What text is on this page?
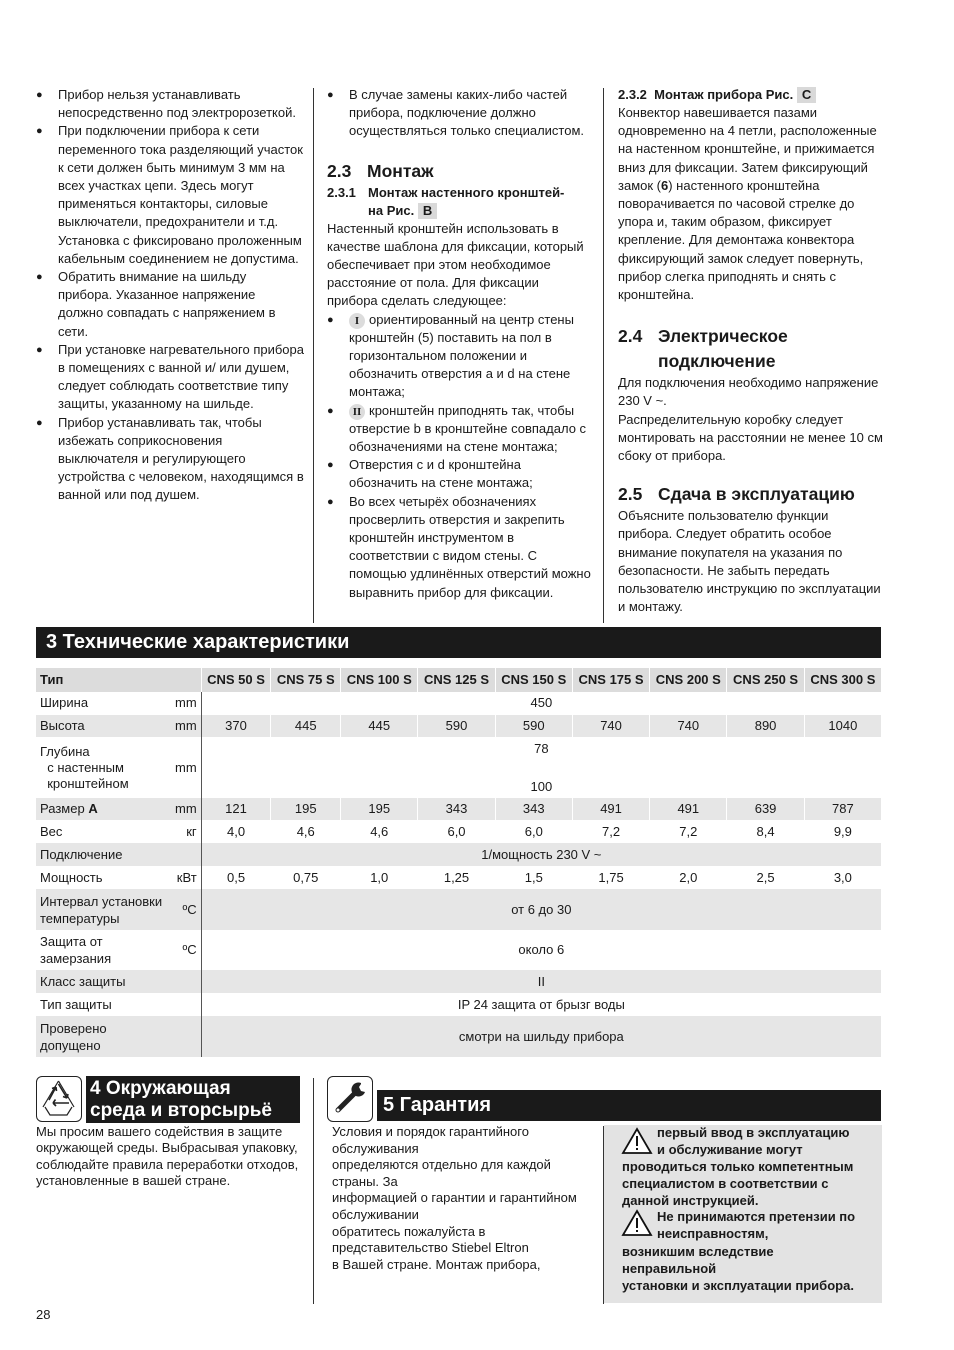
● Прибор нельзя устанавливать непосредственно под электророзеткой.
● При подключении прибора к сети переменного тока разделяющий участок к сети должен быть минимум 3 мм на всех участках цепи. Здесь могут применяться контакторы, силовые выключатели, предохранители и т.д. Установка с фиксировано проложенным кабельным соединением не допустима.
● Обратить внимание на шильду прибора. Указанное напряжение должно совпадать с напряжением в сети.
● При установке нагревательного прибора в помещениях с ванной и/ или душем, следует соблюдать соответствие типу защиты, указанному на шильде.
● Прибор устанавливать так, чтобы избежать соприкосновения выключателя и регулирующего устройства с человеком, находящимся в ванной или под душем.
● В случае замены каких-либо частей прибора, подключение должно осуществляться только специалистом.
2.3 Монтаж
2.3.1 Монтаж настенного кронштей-
на Рис. B

Настенный кронштейн использовать в качестве шаблона для фиксации, который обеспечивает при этом необходимое расстояние от пола. Для фиксации прибора сделать следующее:

● I ориентированный на центр стены кронштейн (5) поставить на пол в горизонтальном положении и обозначить отверстия a и d на стене монтажа;
● II кронштейн приподнять так, чтобы отверстие b в кронштейне совпадало с обозначениями на стене монтажа;
● Отверстия c и d кронштейна обозначить на стене монтажа;
● Во всех четырёх обозначениях просверлить отверстия и закрепить кронштейн инструментом в соответствии с видом стены. С помощью удлинённых отверстий можно выравнить прибор для фиксации.
2.3.2 Монтаж прибора Рис. C

Конвектор навешивается пазами одновременно на 4 петли, расположенные на настенном кронштейне, и прижимается вниз для фиксации. Затем фиксирующий замок (6) настенного кронштейна поворачивается по часовой стрелке до упора и, таким образом, фиксирует крепление. Для демонтажа конвектора фиксирующий замок следует повернуть, прибор слегка приподнять и снять с кронштейна.

2.4 Электрическое
подключение

Для подключения необходимо напряжение 230 V ~.

Распределительную коробку следует монтировать на расстоянии не менее 10 см сбоку от прибора.

2.5 Сдача в эксплуатацию

Объясните пользователю функции прибора. Следует обратить особое внимание покупателя на указания по безопасности. Не забыть передать пользователю инструкцию по эксплуатации и монтажу.

3 Технические характеристики
Тип		CNS 50 S	CNS 75 S	CNS 100 S	CNS 125 S	CNS 150 S	CNS 175 S	CNS 200 S	CNS 250 S	CNS 300 S
Ширина	mm	450								
Высота	mm	370	445	445	590	590	740	740	890	1040
Глубина
с настенным
кронштейном	mm	78

100								
Размер A	mm	121	195	195	343	343	491	491	639	787
Вес	кг	4,0	4,6	4,6	6,0	6,0	7,2	7,2	8,4	9,9
Подключение		1/мощность 230 V ~								
Мощность	кВт	0,5	0,75	1,0	1,25	1,5	1,75	2,0	2,5	3,0
Интервал установки температуры	ºC	от 6 до 30								
Защита от замерзания	ºC	около 6								
Класс защиты		II								
Тип защиты		IP 24 защита от брызг воды								
Проверено допущено		смотри на шильду прибора								
4 Окружающая
среда и вторсырьё

Мы просим вашего содействия в защите окружающей среды. Выбрасывая упаковку, соблюдайте правила переработки отходов, установленные в вашей стране.

5 Гарантия
Условия и порядок гарантийного
обслуживания
определяются отдельно для каждой
страны. За
информацией о гарантии и гарантийном
обслуживании
обратитесь пожалуйста в
представительство Stiebel Eltron
в Вашей стране. Монтаж прибора,
первый ввод в эксплуатацию
и обслуживание могут
проводиться только компетентным
специалистом в соответствии с
данной инструкцией.
Не принимаются претензии по
неисправностям,
возникшим вследствие
неправильной
установки и эксплуатации прибора.
28
